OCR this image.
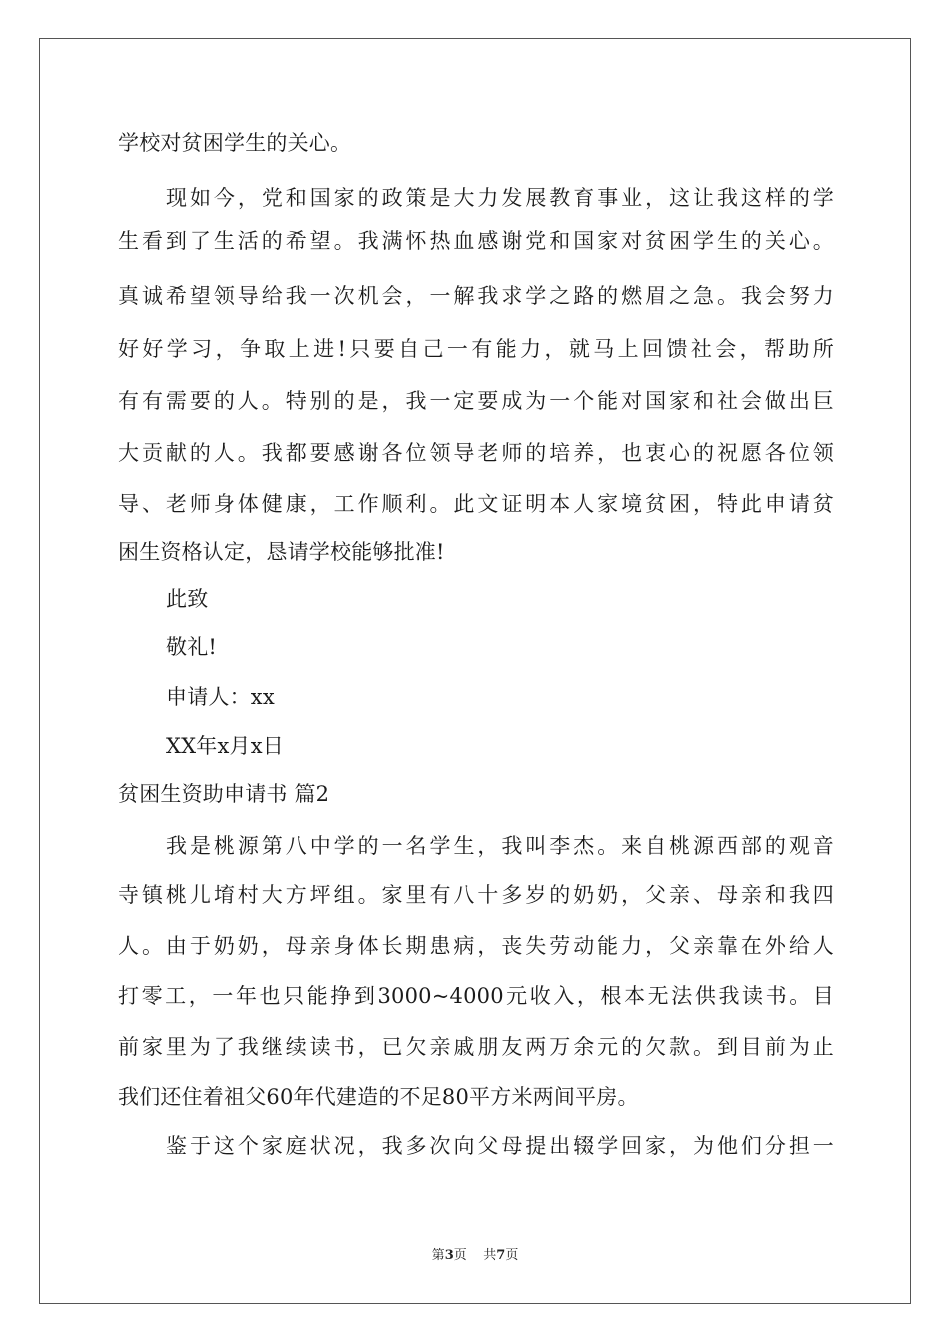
学校对贫困学生的关心。
现如今，党和国家的政策是大力发展教育事业，这让我这样的学
生看到了生活的希望。我满怀热血感谢党和国家对贫困学生的关心。
真诚希望领导给我一次机会，一解我求学之路的燃眉之急。我会努力
好好学习，争取上进!只要自己一有能力，就马上回馈社会，帮助所
有有需要的人。特别的是，我一定要成为一个能对国家和社会做出巨
大贡献的人。我都要感谢各位领导老师的培养，也衷心的祝愿各位领
导、老师身体健康，工作顺利。此文证明本人家境贫困，特此申请贫
困生资格认定，恳请学校能够批准!
此致
敬礼!
申请人：xx
XX年x月x日
贫困生资助申请书 篇2
我是桃源第八中学的一名学生，我叫李杰。来自桃源西部的观音
寺镇桃儿堉村大方坪组。家里有八十多岁的奶奶，父亲、母亲和我四
人。由于奶奶，母亲身体长期患病，丧失劳动能力，父亲靠在外给人
打零工，一年也只能挣到3000~4000元收入，根本无法供我读书。目
前家里为了我继续读书，已欠亲戚朋友两万余元的欠款。到目前为止
我们还住着祖父60年代建造的不足80平方米两间平房。
鉴于这个家庭状况，我多次向父母提出辍学回家，为他们分担一
第3页    共7页
